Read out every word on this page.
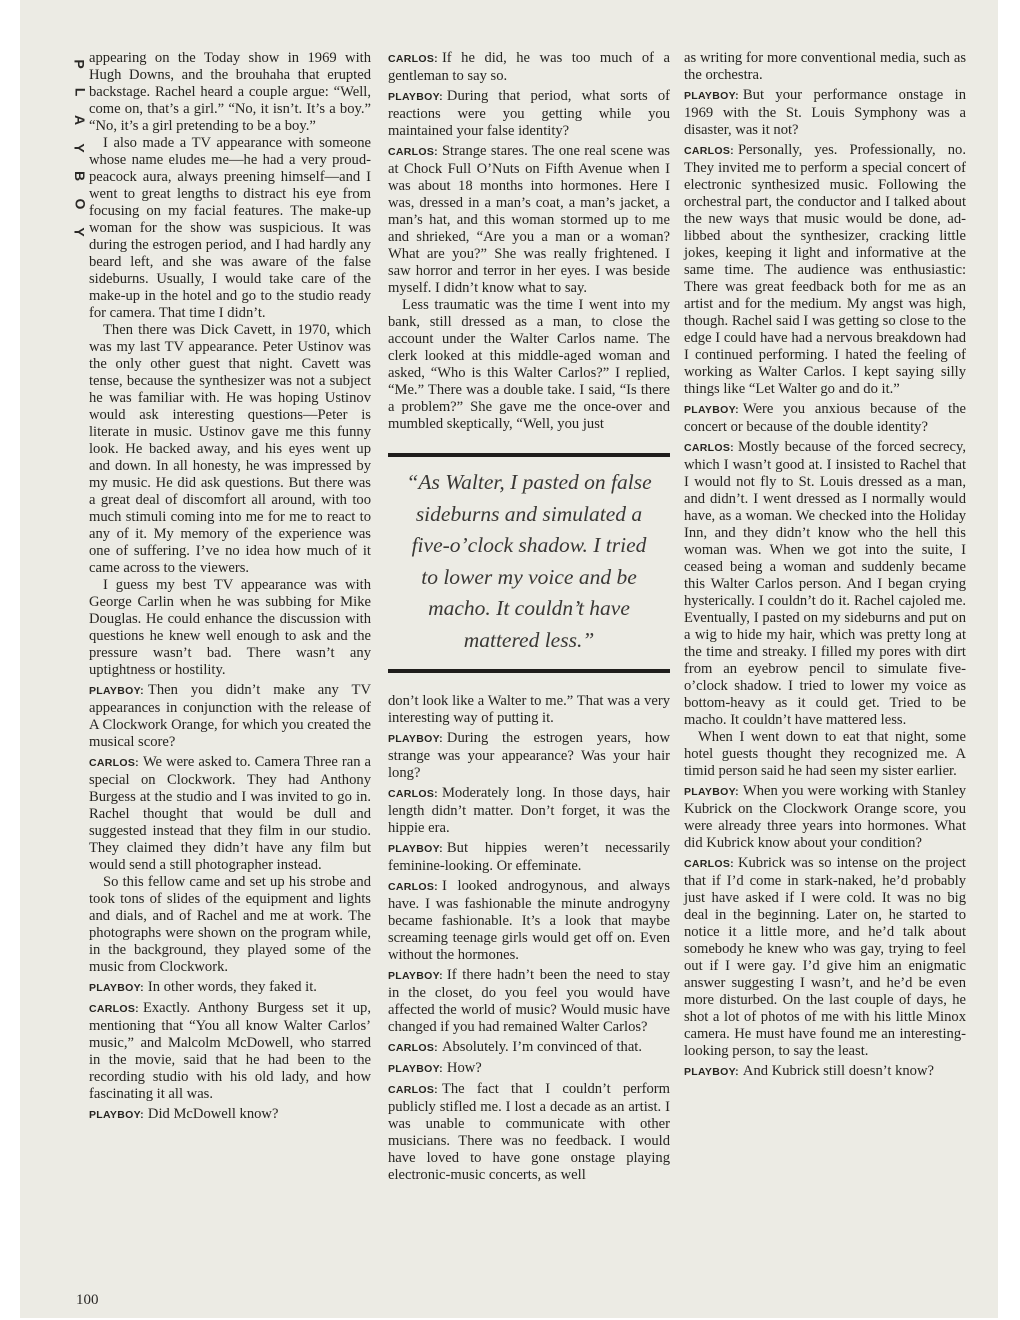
P
L
A
Y
B
O
Y
100

appearing on the Today show in 1969 with Hugh Downs, and the brouhaha that erupted backstage. Rachel heard a couple argue: “Well, come on, that’s a girl.” “No, it isn’t. It’s a boy.” “No, it’s a girl pretending to be a boy.”

I also made a TV appearance with someone whose name eludes me—he had a very proud-peacock aura, always preening himself—and I went to great lengths to distract his eye from focusing on my facial features. The make-up woman for the show was suspicious. It was during the estrogen period, and I had hardly any beard left, and she was aware of the false sideburns. Usually, I would take care of the make-up in the hotel and go to the studio ready for camera. That time I didn’t.

Then there was Dick Cavett, in 1970, which was my last TV appearance. Peter Ustinov was the only other guest that night. Cavett was tense, because the synthesizer was not a subject he was familiar with. He was hoping Ustinov would ask interesting questions—Peter is literate in music. Ustinov gave me this funny look. He backed away, and his eyes went up and down. In all honesty, he was impressed by my music. He did ask questions. But there was a great deal of discomfort all around, with too much stimuli coming into me for me to react to any of it. My memory of the experience was one of suffering. I’ve no idea how much of it came across to the viewers.

I guess my best TV appearance was with George Carlin when he was subbing for Mike Douglas. He could enhance the discussion with questions he knew well enough to ask and the pressure wasn’t bad. There wasn’t any uptightness or hostility.

PLAYBOY: Then you didn’t make any TV appearances in conjunction with the release of A Clockwork Orange, for which you created the musical score?

CARLOS: We were asked to. Camera Three ran a special on Clockwork. They had Anthony Burgess at the studio and I was invited to go in. Rachel thought that would be dull and suggested instead that they film in our studio. They claimed they didn’t have any film but would send a still photographer instead.

So this fellow came and set up his strobe and took tons of slides of the equipment and lights and dials, and of Rachel and me at work. The photographs were shown on the program while, in the background, they played some of the music from Clockwork.

PLAYBOY: In other words, they faked it.

CARLOS: Exactly. Anthony Burgess set it up, mentioning that “You all know Walter Carlos’ music,” and Malcolm McDowell, who starred in the movie, said that he had been to the recording studio with his old lady, and how fascinating it all was.

PLAYBOY: Did McDowell know?

CARLOS: If he did, he was too much of a gentleman to say so.

PLAYBOY: During that period, what sorts of reactions were you getting while you maintained your false identity?

CARLOS: Strange stares. The one real scene was at Chock Full O’Nuts on Fifth Avenue when I was about 18 months into hormones. Here I was, dressed in a man’s coat, a man’s jacket, a man’s hat, and this woman stormed up to me and shrieked, “Are you a man or a woman? What are you?” She was really frightened. I saw horror and terror in her eyes. I was beside myself. I didn’t know what to say.

Less traumatic was the time I went into my bank, still dressed as a man, to close the account under the Walter Carlos name. The clerk looked at this middle-aged woman and asked, “Who is this Walter Carlos?” I replied, “Me.” There was a double take. I said, “Is there a problem?” She gave me the once-over and mumbled skeptically, “Well, you just

“As Walter, I pasted on false
sideburns and simulated a
five-o’clock shadow. I tried
to lower my voice and be
macho. It couldn’t have
mattered less.”

don’t look like a Walter to me.” That was a very interesting way of putting it.

PLAYBOY: During the estrogen years, how strange was your appearance? Was your hair long?

CARLOS: Moderately long. In those days, hair length didn’t matter. Don’t forget, it was the hippie era.

PLAYBOY: But hippies weren’t necessarily feminine-looking. Or effeminate.

CARLOS: I looked androgynous, and always have. I was fashionable the minute androgyny became fashionable. It’s a look that maybe screaming teenage girls would get off on. Even without the hormones.

PLAYBOY: If there hadn’t been the need to stay in the closet, do you feel you would have affected the world of music? Would music have changed if you had remained Walter Carlos?

CARLOS: Absolutely. I’m convinced of that.

PLAYBOY: How?

CARLOS: The fact that I couldn’t perform publicly stifled me. I lost a decade as an artist. I was unable to communicate with other musicians. There was no feedback. I would have loved to have gone onstage playing electronic-music concerts, as well

as writing for more conventional media, such as the orchestra.

PLAYBOY: But your performance onstage in 1969 with the St. Louis Symphony was a disaster, was it not?

CARLOS: Personally, yes. Professionally, no. They invited me to perform a special concert of electronic synthesized music. Following the orchestral part, the conductor and I talked about the new ways that music would be done, ad-libbed about the synthesizer, cracking little jokes, keeping it light and informative at the same time. The audience was enthusiastic: There was great feedback both for me as an artist and for the medium. My angst was high, though. Rachel said I was getting so close to the edge I could have had a nervous breakdown had I continued performing. I hated the feeling of working as Walter Carlos. I kept saying silly things like “Let Walter go and do it.”

PLAYBOY: Were you anxious because of the concert or because of the double identity?

CARLOS: Mostly because of the forced secrecy, which I wasn’t good at. I insisted to Rachel that I would not fly to St. Louis dressed as a man, and didn’t. I went dressed as I normally would have, as a woman. We checked into the Holiday Inn, and they didn’t know who the hell this woman was. When we got into the suite, I ceased being a woman and suddenly became this Walter Carlos person. And I began crying hysterically. I couldn’t do it. Rachel cajoled me. Eventually, I pasted on my sideburns and put on a wig to hide my hair, which was pretty long at the time and streaky. I filled my pores with dirt from an eyebrow pencil to simulate five-o’clock shadow. I tried to lower my voice as bottom-heavy as it could get. Tried to be macho. It couldn’t have mattered less.

When I went down to eat that night, some hotel guests thought they recognized me. A timid person said he had seen my sister earlier.

PLAYBOY: When you were working with Stanley Kubrick on the Clockwork Orange score, you were already three years into hormones. What did Kubrick know about your condition?

CARLOS: Kubrick was so intense on the project that if I’d come in stark-naked, he’d probably just have asked if I were cold. It was no big deal in the beginning. Later on, he started to notice it a little more, and he’d talk about somebody he knew who was gay, trying to feel out if I were gay. I’d give him an enigmatic answer suggesting I wasn’t, and he’d be even more disturbed. On the last couple of days, he shot a lot of photos of me with his little Minox camera. He must have found me an interesting-looking person, to say the least.

PLAYBOY: And Kubrick still doesn’t know?
